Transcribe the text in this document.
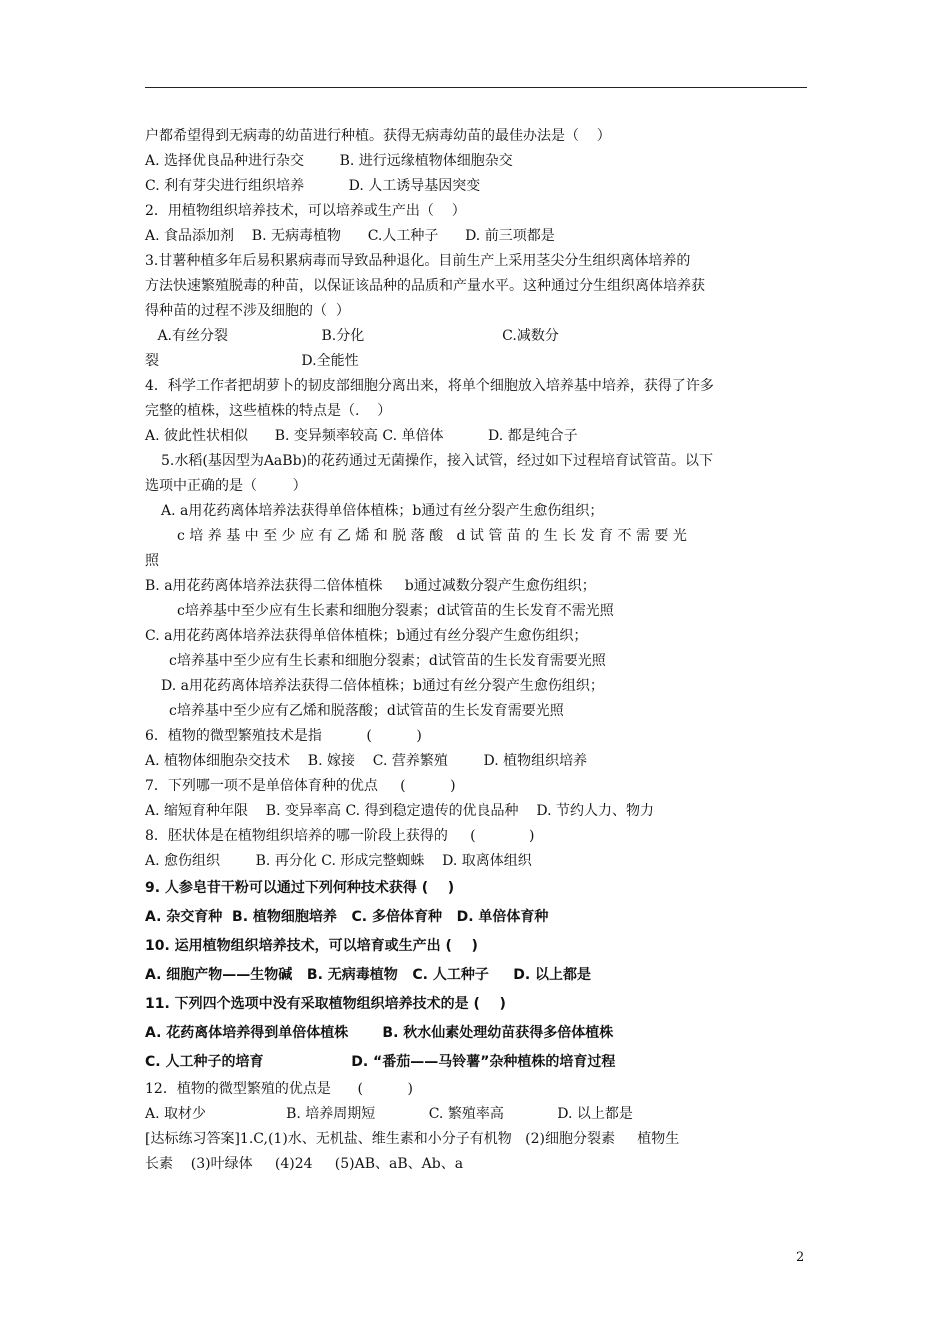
户都希望得到无病毒的幼苗进行种植。获得无病毒幼苗的最佳办法是（    ）
A. 选择优良品种进行杂交        B. 进行远缘植物体细胞杂交
C. 利有芽尖进行组织培养          D. 人工诱导基因突变
2．用植物组织培养技术，可以培养或生产出（    ）
A. 食品添加剂    B. 无病毒植物      C.人工种子      D. 前三项都是
3.甘薯种植多年后易积累病毒而导致品种退化。目前生产上采用茎尖分生组织离体培养的
方法快速繁殖脱毒的种苗，以保证该品种的品质和产量水平。这种通过分生组织离体培养获
得种苗的过程不涉及细胞的（  ）
A.有丝分裂                     B.分化                               C.减数分
裂                                D.全能性
4．科学工作者把胡萝卜的韧皮部细胞分离出来，将单个细胞放入培养基中培养，获得了许多
完整的植株，这些植株的特点是（.    ）
A. 彼此性状相似      B. 变异频率较高 C. 单倍体          D. 都是纯合子
5.水稻(基因型为AaBb)的花药通过无菌操作，接入试管，经过如下过程培育试管苗。以下
选项中正确的是（        ）
A. a用花药离体培养法获得单倍体植株；b通过有丝分裂产生愈伤组织；
c 培 养 基 中 至 少 应 有 乙 烯 和 脱 落 酸   d 试 管 苗 的 生 长 发 育 不 需 要 光
照
B. a用花药离体培养法获得二倍体植株     b通过减数分裂产生愈伤组织；
c培养基中至少应有生长素和细胞分裂素；d试管苗的生长发育不需光照
C. a用花药离体培养法获得单倍体植株；b通过有丝分裂产生愈伤组织；
c培养基中至少应有生长素和细胞分裂素；d试管苗的生长发育需要光照
D. a用花药离体培养法获得二倍体植株；b通过有丝分裂产生愈伤组织；
c培养基中至少应有乙烯和脱落酸；d试管苗的生长发育需要光照
6．植物的微型繁殖技术是指          (          )
A. 植物体细胞杂交技术    B. 嫁接    C. 营养繁殖        D. 植物组织培养
7．下列哪一项不是单倍体育种的优点     (          )
A. 缩短育种年限    B. 变异率高 C. 得到稳定遗传的优良品种    D. 节约人力、物力
8．胚状体是在植物组织培养的哪一阶段上获得的     (            )
A. 愈伤组织        B. 再分化 C. 形成完整蜘蛛    D. 取离体组织
9. 人参皂苷干粉可以通过下列何种技术获得 (    )
A. 杂交育种  B. 植物细胞培养   C. 多倍体育种   D. 单倍体育种
10. 运用植物组织培养技术，可以培育或生产出 (    )
A. 细胞产物——生物碱   B. 无病毒植物   C. 人工种子     D. 以上都是
11. 下列四个选项中没有采取植物组织培养技术的是 (    )
A. 花药离体培养得到单倍体植株       B. 秋水仙素处理幼苗获得多倍体植株
C. 人工种子的培育                  D. “番茄——马铃薯”杂种植株的培育过程
12．植物的微型繁殖的优点是      (          )
A. 取材少                  B. 培养周期短            C. 繁殖率高            D. 以上都是
[达标练习答案]1.C,(1)水、无机盐、维生素和小分子有机物   (2)细胞分裂素     植物生
长素    (3)叶绿体     (4)24     (5)AB、aB、Ab、a
2
